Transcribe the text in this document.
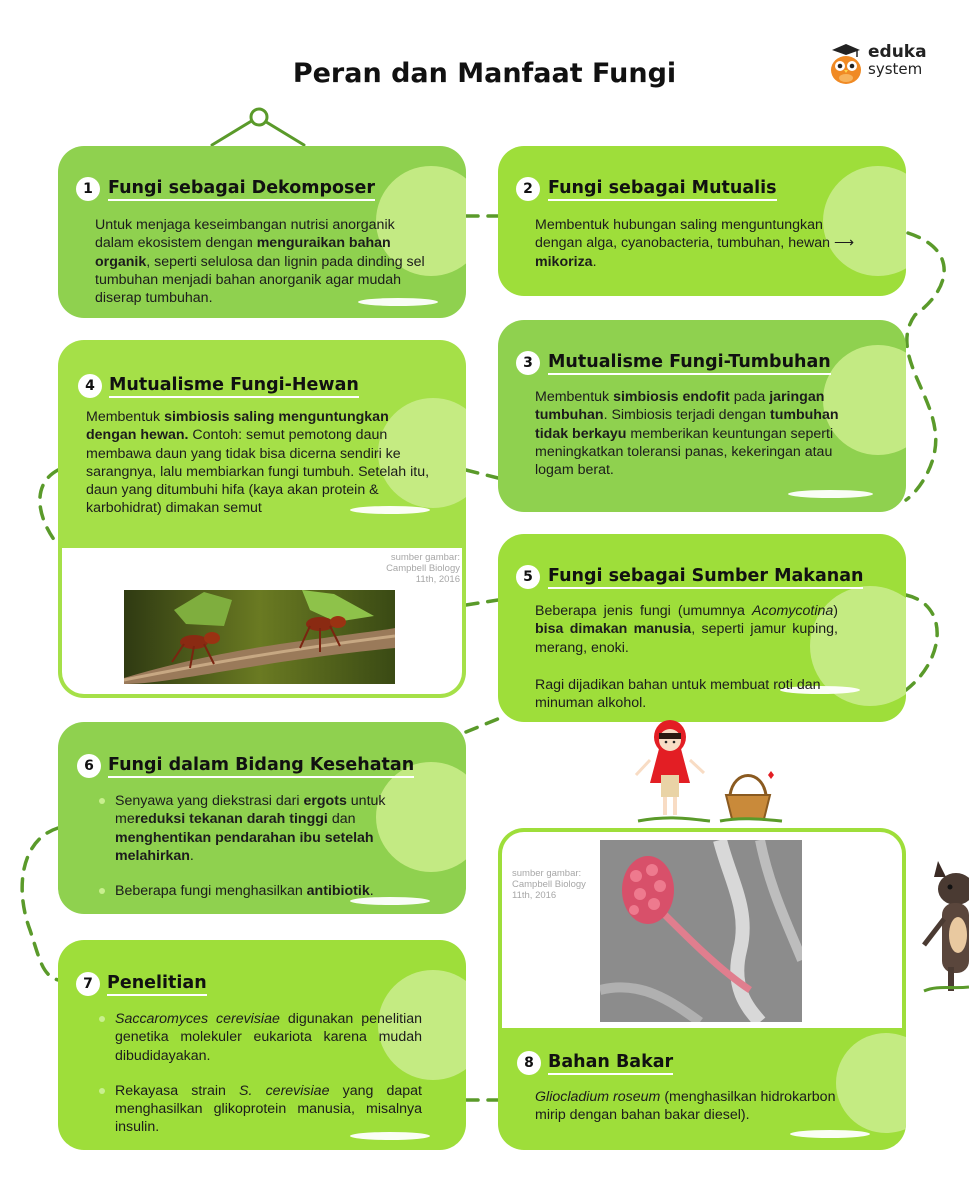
Peran dan Manfaat Fungi
eduka
system
1 Fungi sebagai Dekomposer
Untuk menjaga keseimbangan nutrisi anorganik dalam ekosistem dengan menguraikan bahan organik, seperti selulosa dan lignin pada dinding sel tumbuhan menjadi bahan anorganik agar mudah diserap tumbuhan.
2 Fungi sebagai Mutualis
Membentuk hubungan saling menguntungkan dengan alga, cyanobacteria, tumbuhan, hewan ⟶ mikoriza.
3 Mutualisme Fungi-Tumbuhan
Membentuk simbiosis endofit pada jaringan tumbuhan. Simbiosis terjadi dengan tumbuhan tidak berkayu memberikan keuntungan seperti meningkatkan toleransi panas, kekeringan atau logam berat.
4 Mutualisme Fungi-Hewan
Membentuk simbiosis saling menguntungkan dengan hewan. Contoh: semut pemotong daun membawa daun yang tidak bisa dicerna sendiri ke sarangnya, lalu membiarkan fungi tumbuh. Setelah itu, daun yang ditumbuhi hifa (kaya akan protein & karbohidrat) dimakan semut
sumber gambar: Campbell Biology 11th, 2016	5 Fungi sebagai Sumber Makanan
Beberapa jenis fungi (umumnya Acomycotina) bisa dimakan manusia, seperti jamur kuping, merang, enoki.
Ragi dijadikan bahan untuk membuat roti dan minuman alkohol.
6 Fungi dalam Bidang Kesehatan
Senyawa yang diekstrasi dari ergots untuk mereduksi tekanan darah tinggi dan menghentikan pendarahan ibu setelah melahirkan.
Beberapa fungi menghasilkan antibiotik.
7 Penelitian
Saccaromyces cerevisiae digunakan penelitian genetika molekuler eukariota karena mudah dibudidayakan.
Rekayasa strain S. cerevisiae yang dapat menghasilkan glikoprotein manusia, misalnya insulin.
sumber gambar: Campbell Biology 11th, 2016
8 Bahan Bakar
Gliocladium roseum (menghasilkan hidrokarbon mirip dengan bahan bakar diesel).
